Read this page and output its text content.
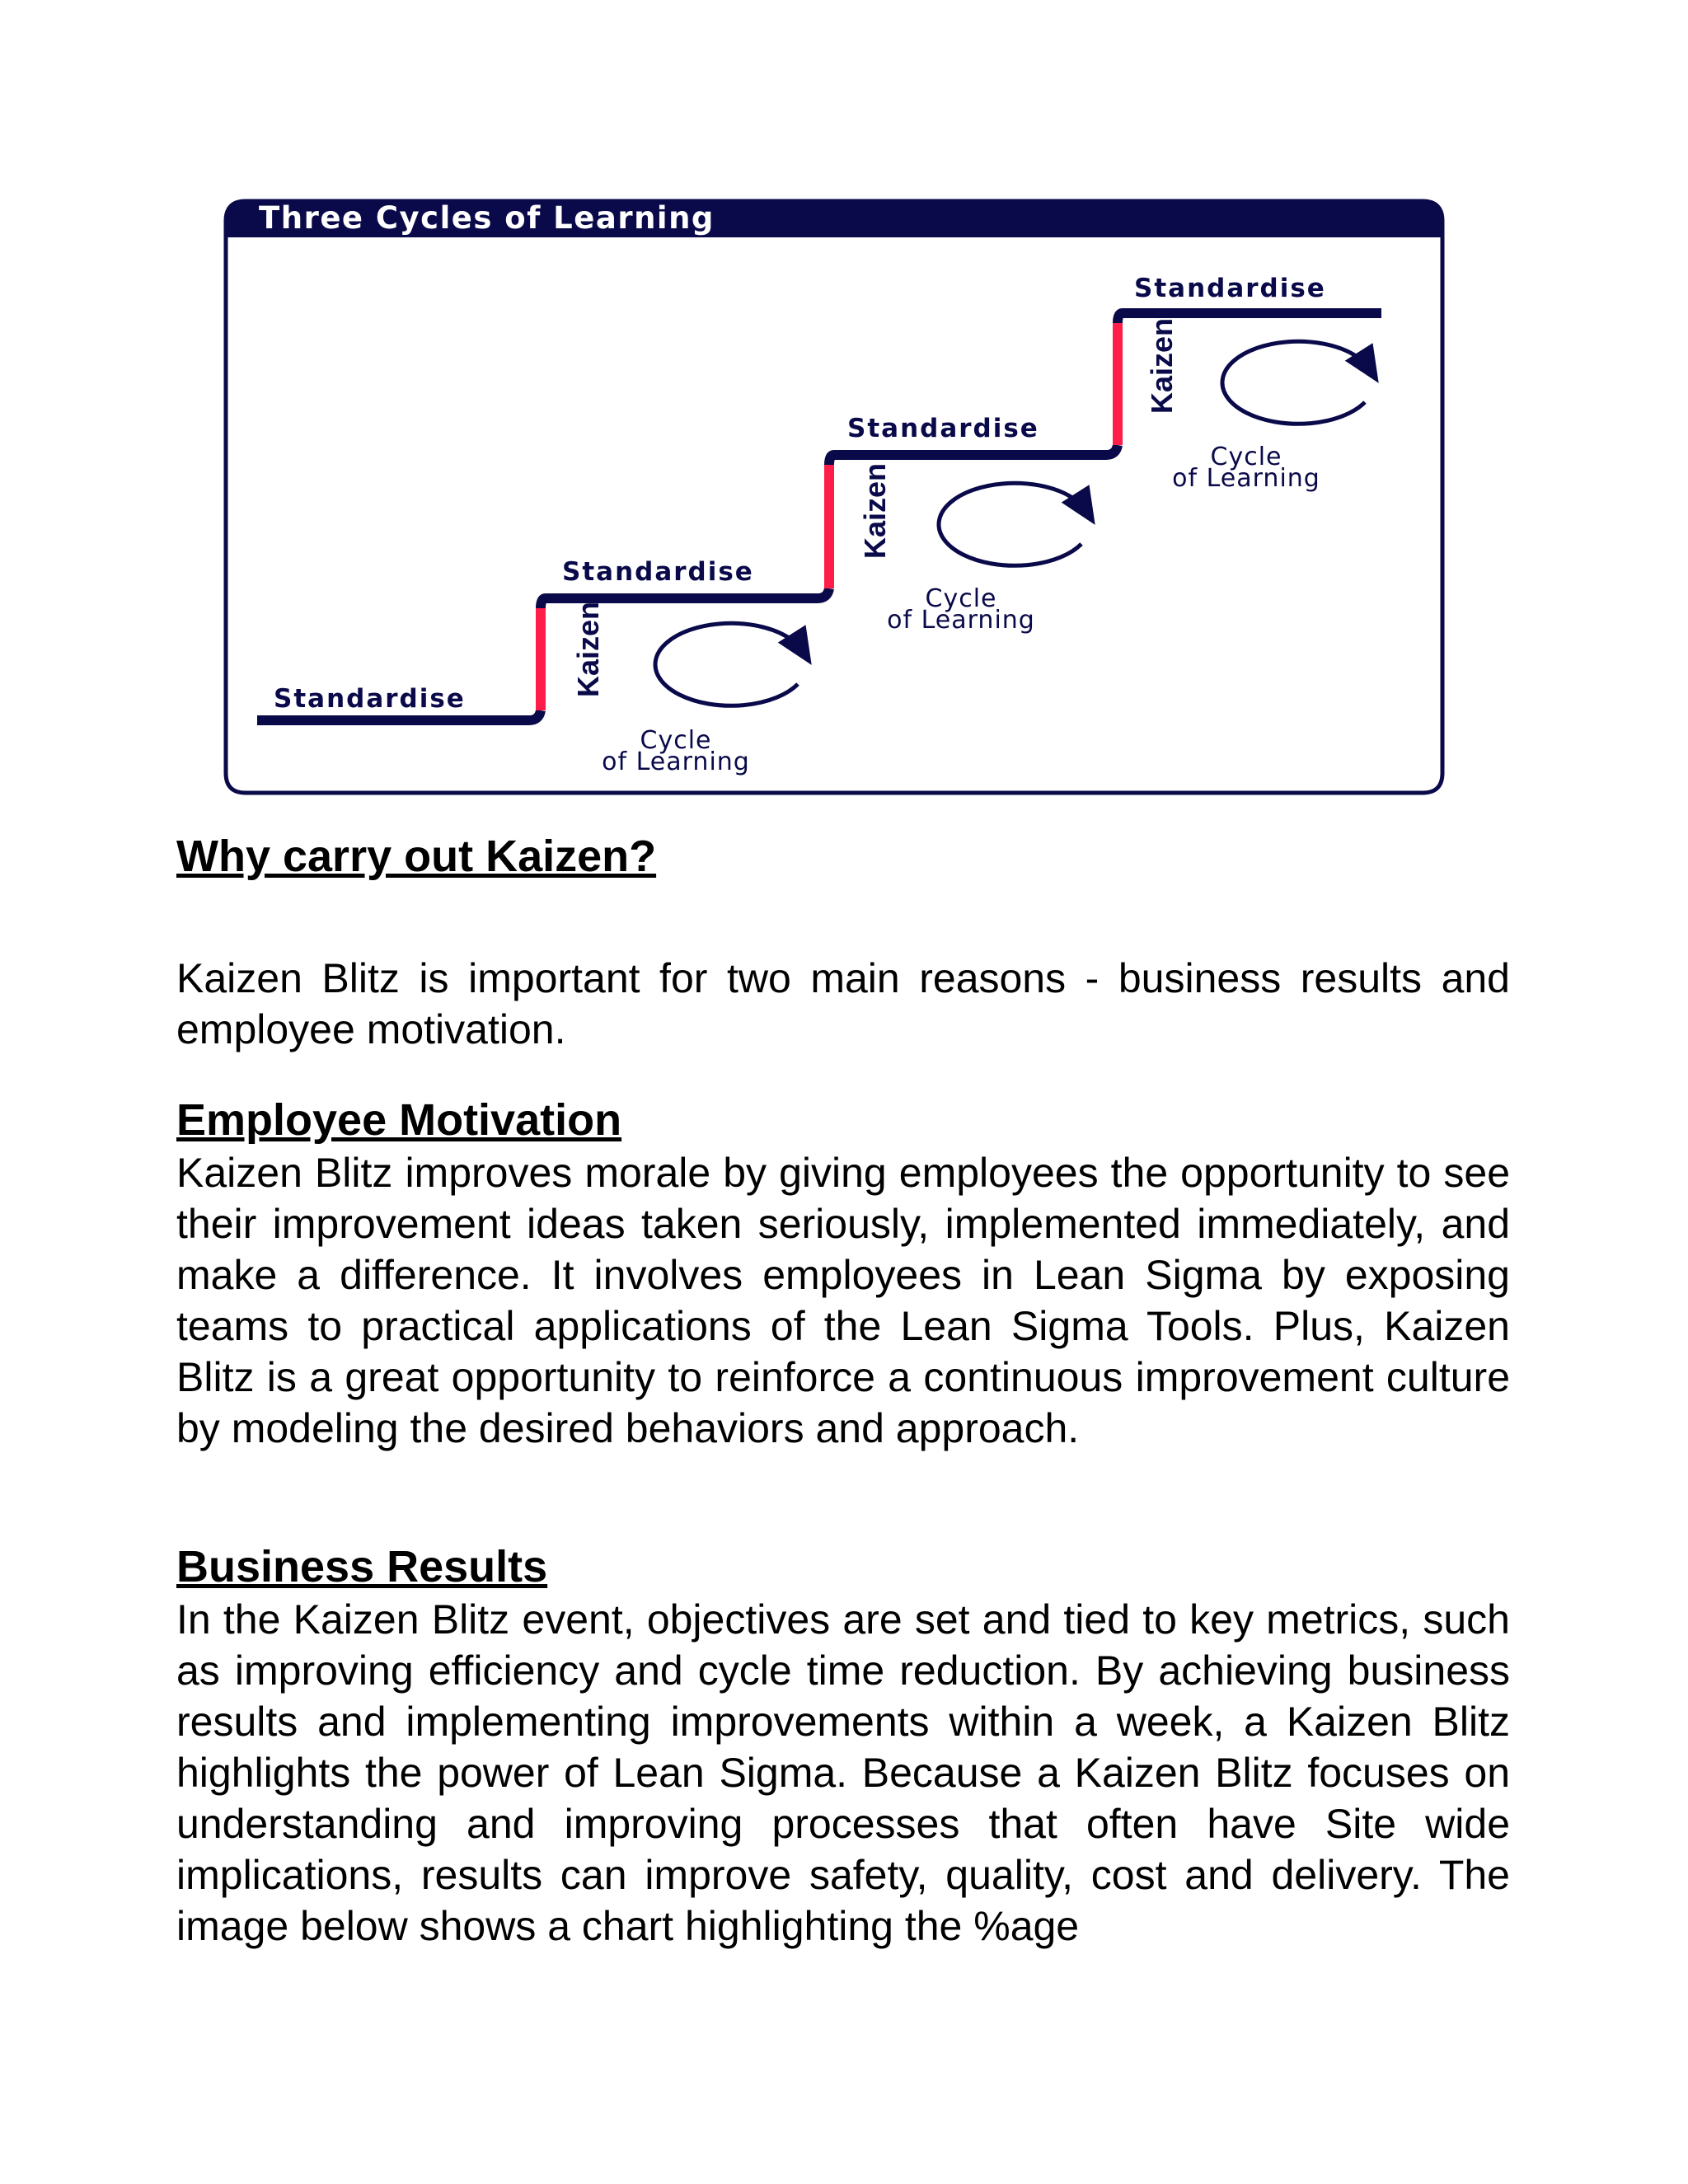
Three Cycles of Learning
Standardise
Standardise
Standardise
Standardise
Kaizen
Kaizen
Kaizen
Cycle
of Learning
Cycle
of Learning
Cycle
of Learning
Why carry out Kaizen?
Kaizen Blitz is important for two main reasons - business results and employee motivation.
Employee Motivation
Kaizen Blitz improves morale by giving employees the opportunity to see their improvement ideas taken seriously, implemented immediately, and make a difference. It involves employees in Lean Sigma by exposing teams to practical applications of the Lean Sigma Tools. Plus, Kaizen Blitz is a great opportunity to reinforce a continuous improvement culture by modeling the desired behaviors and approach.
Business Results
In the Kaizen Blitz event, objectives are set and tied to key metrics, such as improving efficiency and cycle time reduction. By achieving business results and implementing improvements within a week, a Kaizen Blitz highlights the power of Lean Sigma. Because a Kaizen Blitz focuses on understanding and improving processes that often have Site wide implications, results can improve safety, quality, cost and delivery. The image below shows a chart highlighting the %age
